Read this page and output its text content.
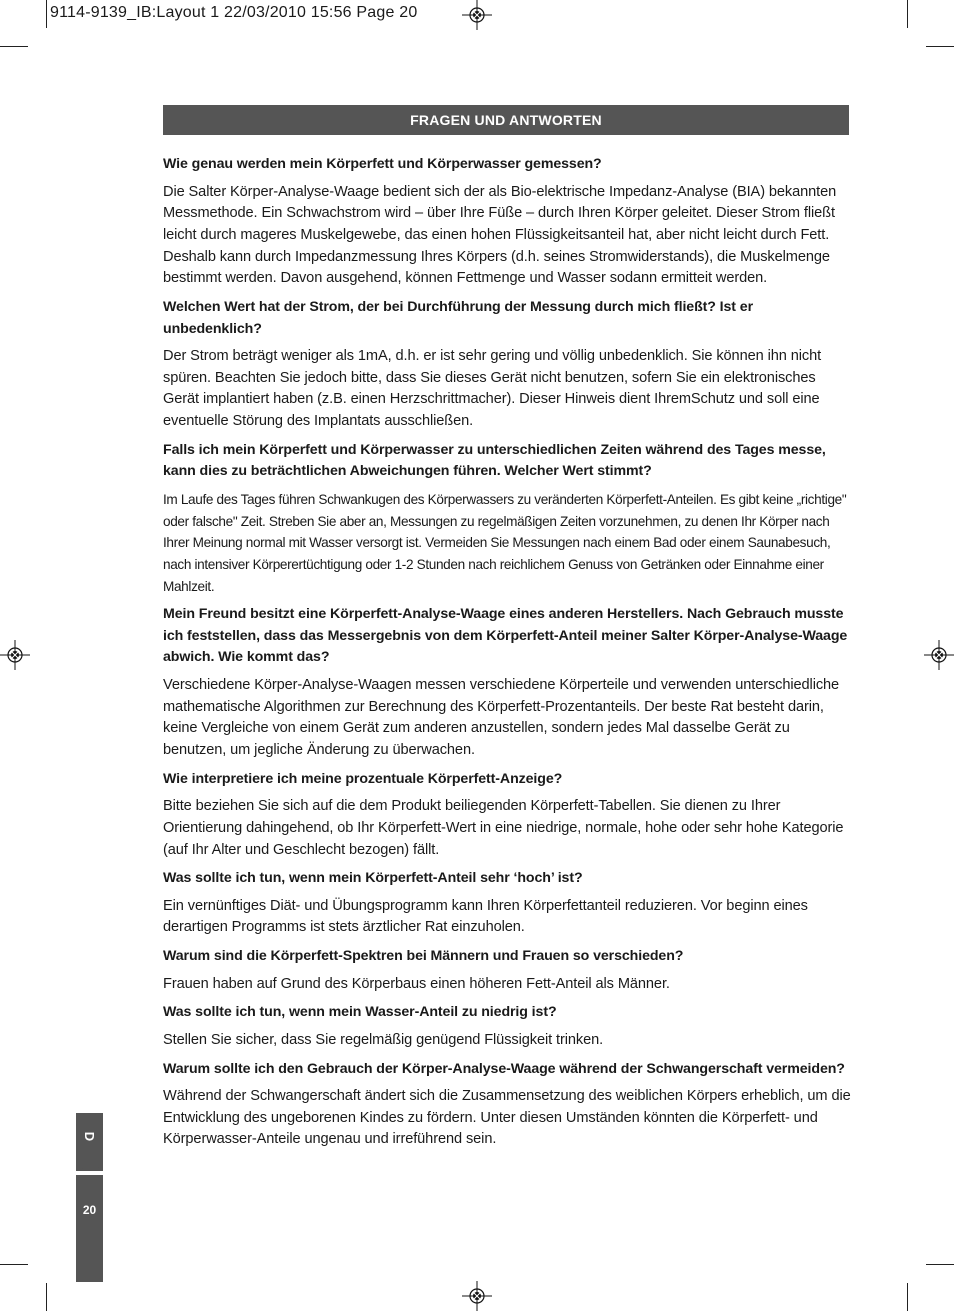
9114-9139_IB:Layout 1 22/03/2010 15:56 Page 20
FRAGEN UND ANTWORTEN

Wie genau werden mein Körperfett und Körperwasser gemessen?

Die Salter Körper-Analyse-Waage bedient sich der als Bio-elektrische Impedanz-Analyse (BIA) bekannten Messmethode. Ein Schwachstrom wird – über Ihre Füße – durch Ihren Körper geleitet. Dieser Strom fließt leicht durch mageres Muskelgewebe, das einen hohen Flüssigkeitsanteil hat, aber nicht leicht durch Fett. Deshalb kann durch Impedanzmessung Ihres Körpers (d.h. seines Stromwiderstands), die Muskelmenge bestimmt werden. Davon ausgehend, können Fettmenge und Wasser sodann ermitteit werden.

Welchen Wert hat der Strom, der bei Durchführung der Messung durch mich fließt? Ist er unbedenklich?

Der Strom beträgt weniger als 1mA, d.h. er ist sehr gering und völlig unbedenklich. Sie können ihn nicht spüren. Beachten Sie jedoch bitte, dass Sie dieses Gerät nicht benutzen, sofern Sie ein elektronisches Gerät implantiert haben (z.B. einen Herzschrittmacher). Dieser Hinweis dient IhremSchutz und soll eine eventuelle Störung des Implantats ausschließen.

Falls ich mein Körperfett und Körperwasser zu unterschiedlichen Zeiten während des Tages messe, kann dies zu beträchtlichen Abweichungen führen. Welcher Wert stimmt?

Im Laufe des Tages führen Schwankugen des Körperwassers zu veränderten Körperfett-Anteilen. Es gibt keine „richtige" oder falsche" Zeit. Streben Sie aber an, Messungen zu regelmäßigen Zeiten vorzunehmen, zu denen Ihr Körper nach Ihrer Meinung normal mit Wasser versorgt ist. Vermeiden Sie Messungen nach einem Bad oder einem Saunabesuch, nach intensiver Körperertüchtigung oder 1-2 Stunden nach reichlichem Genuss von Getränken oder Einnahme einer Mahlzeit.

Mein Freund besitzt eine Körperfett-Analyse-Waage eines anderen Herstellers. Nach Gebrauch musste ich feststellen, dass das Messergebnis von dem Körperfett-Anteil meiner Salter Körper-Analyse-Waage abwich. Wie kommt das?

Verschiedene Körper-Analyse-Waagen messen verschiedene Körperteile und verwenden unterschiedliche mathematische Algorithmen zur Berechnung des Körperfett-Prozentanteils. Der beste Rat besteht darin, keine Vergleiche von einem Gerät zum anderen anzustellen, sondern jedes Mal dasselbe Gerät zu benutzen, um jegliche Änderung zu überwachen.

Wie interpretiere ich meine prozentuale Körperfett-Anzeige?

Bitte beziehen Sie sich auf die dem Produkt beiliegenden Körperfett-Tabellen. Sie dienen zu Ihrer Orientierung dahingehend, ob Ihr Körperfett-Wert in eine niedrige, normale, hohe oder sehr hohe Kategorie (auf Ihr Alter und Geschlecht bezogen) fällt.

Was sollte ich tun, wenn mein Körperfett-Anteil sehr ‘hoch’ ist?

Ein vernünftiges Diät- und Übungsprogramm kann Ihren Körperfettanteil reduzieren. Vor beginn eines derartigen Programms ist stets ärztlicher Rat einzuholen.

Warum sind die Körperfett-Spektren bei Männern und Frauen so verschieden?

Frauen haben auf Grund des Körperbaus einen höheren Fett-Anteil als Männer.

Was sollte ich tun, wenn mein Wasser-Anteil zu niedrig ist?

Stellen Sie sicher, dass Sie regelmäßig genügend Flüssigkeit trinken.

Warum sollte ich den Gebrauch der Körper-Analyse-Waage während der Schwangerschaft vermeiden?

Während der Schwangerschaft ändert sich die Zusammensetzung des weiblichen Körpers erheblich, um die Entwicklung des ungeborenen Kindes zu fördern. Unter diesen Umständen könnten die Körperfett- und Körperwasser-Anteile ungenau und irreführend sein.

D
20
